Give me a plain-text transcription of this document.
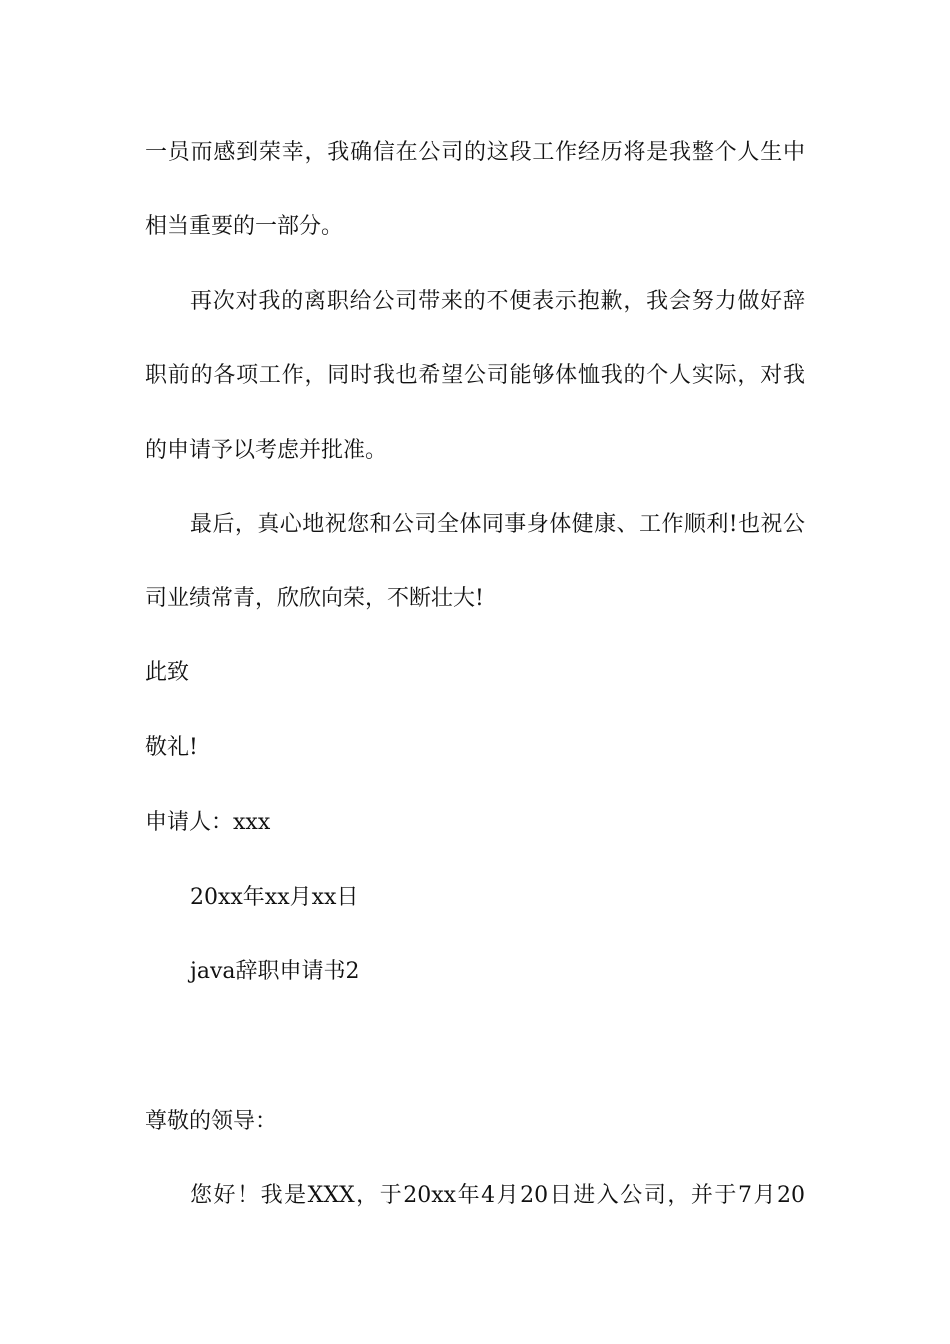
一员而感到荣幸，我确信在公司的这段工作经历将是我整个人生中
相当重要的一部分。
再次对我的离职给公司带来的不便表示抱歉，我会努力做好辞
职前的各项工作，同时我也希望公司能够体恤我的个人实际，对我
的申请予以考虑并批准。
最后，真心地祝您和公司全体同事身体健康、工作顺利!也祝公
司业绩常青，欣欣向荣，不断壮大!
此致
敬礼!
申请人：xxx
20xx年xx月xx日
java辞职申请书2
尊敬的领导：
您好！我是XXX，于20xx年4月20日进入公司，并于7月20
